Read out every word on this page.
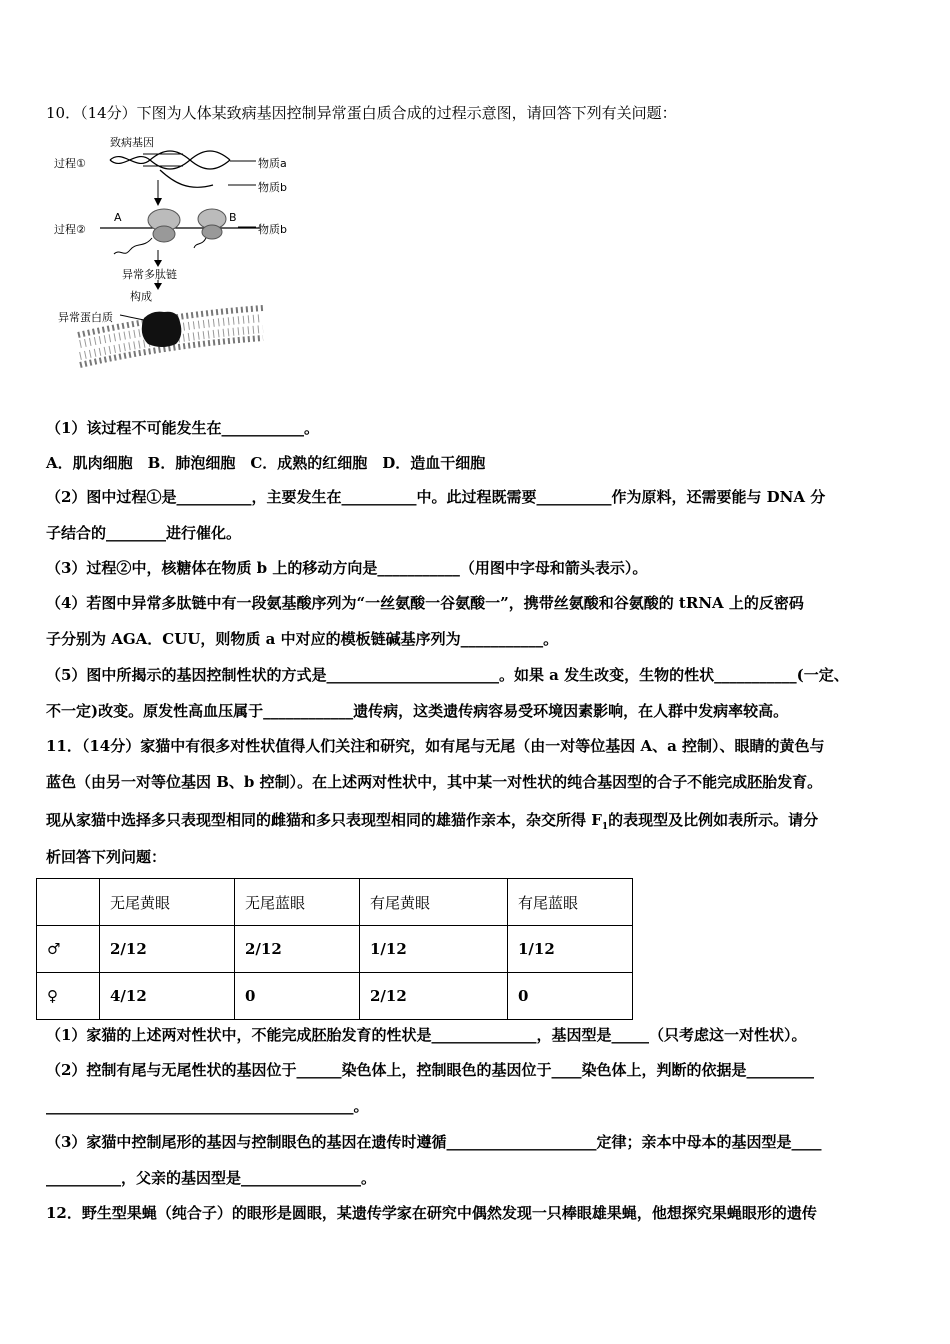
10．（14分）下图为人体某致病基因控制异常蛋白质合成的过程示意图，请回答下列有关问题：
致病基因
过程①	物质a
物质b
过程②
A	B
物质b
异常多肽链
构成
异常蛋白质
（1）该过程不可能发生在___________。
A．肌肉细胞　B．肺泡细胞　C．成熟的红细胞　D．造血干细胞
（2）图中过程①是__________，主要发生在__________中。此过程既需要__________作为原料，还需要能与 DNA 分
子结合的________进行催化。
（3）过程②中，核糖体在物质 b 上的移动方向是___________（用图中字母和箭头表示）。
（4）若图中异常多肽链中有一段氨基酸序列为“一丝氨酸一谷氨酸一”，携带丝氨酸和谷氨酸的 tRNA 上的反密码
子分别为 AGA．CUU，则物质 a 中对应的模板链碱基序列为___________。
（5）图中所揭示的基因控制性状的方式是_______________________。如果 a 发生改变，生物的性状___________(一定、
不一定)改变。原发性高血压属于____________遗传病，这类遗传病容易受环境因素影响，在人群中发病率较高。
11．（14分）家猫中有很多对性状值得人们关注和研究，如有尾与无尾（由一对等位基因 A、a 控制）、眼睛的黄色与
蓝色（由另一对等位基因 B、b 控制）。在上述两对性状中，其中某一对性状的纯合基因型的合子不能完成胚胎发育。
现从家猫中选择多只表现型相同的雌猫和多只表现型相同的雄猫作亲本，杂交所得 $F_1$的表现型及比例如表所示。请分
析回答下列问题：
	无尾黄眼	无尾蓝眼	有尾黄眼	有尾蓝眼
♂	2/12	2/12	1/12	1/12
♀	4/12	0	2/12	0
（1）家猫的上述两对性状中，不能完成胚胎发育的性状是______________，基因型是_____（只考虑这一对性状）。
（2）控制有尾与无尾性状的基因位于______染色体上，控制眼色的基因位于____染色体上，判断的依据是_________
_________________________________________。
（3）家猫中控制尾形的基因与控制眼色的基因在遗传时遵循____________________定律；亲本中母本的基因型是____
__________，父亲的基因型是________________。
12．野生型果蝇（纯合子）的眼形是圆眼，某遗传学家在研究中偶然发现一只棒眼雄果蝇，他想探究果蝇眼形的遗传
